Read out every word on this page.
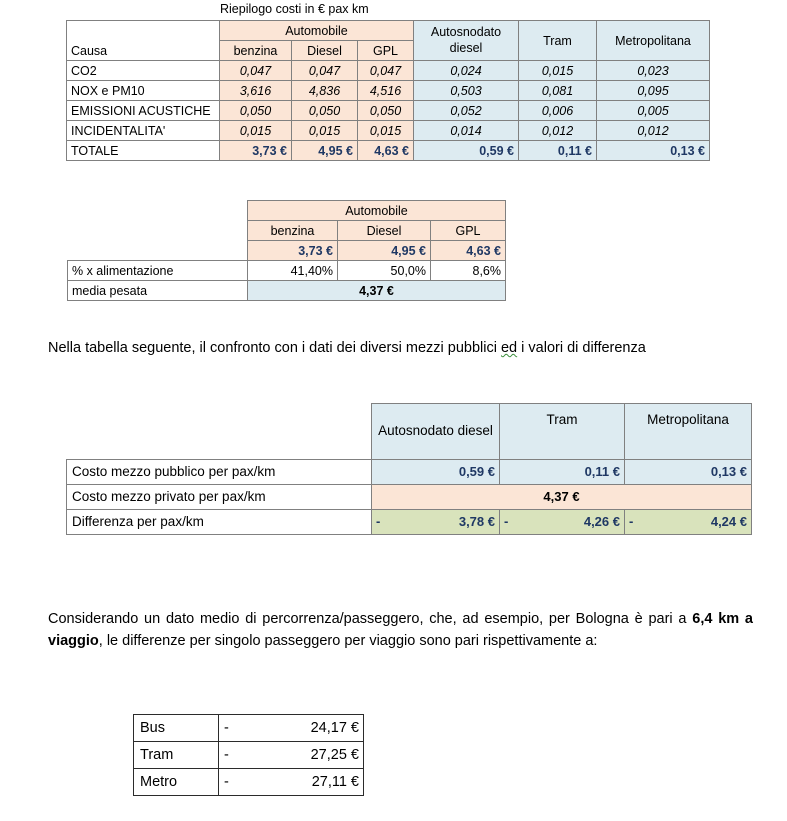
Riepilogo costi in € pax km
Causa	Automobile			Autosnodato diesel	Tram	Metropolitana
	benzina	Diesel	GPL			
CO2	0,047	0,047	0,047	0,024	0,015	0,023
NOX e PM10	3,616	4,836	4,516	0,503	0,081	0,095
EMISSIONI ACUSTICHE	0,050	0,050	0,050	0,052	0,006	0,005
INCIDENTALITA'	0,015	0,015	0,015	0,014	0,012	0,012
TOTALE	3,73 €	4,95 €	4,63 €	0,59 €	0,11 €	0,13 €
	Automobile		
	benzina	Diesel	GPL
	3,73 €	4,95 €	4,63 €
% x alimentazione	41,40%	50,0%	8,6%
media pesata	4,37 €		
Nella tabella seguente, il confronto con i dati dei diversi mezzi pubblici ed i valori di differenza
	Autosnodato diesel	Tram	Metropolitana
Costo mezzo pubblico per pax/km	0,59 €	0,11 €	0,13 €
Costo mezzo privato per pax/km	4,37 €		
Differenza per pax/km	- 3,78 €	- 4,26 €	- 4,24 €
Considerando un dato medio di percorrenza/passeggero, che, ad esempio, per Bologna è pari a 6,4 km a viaggio, le differenze per singolo passeggero per viaggio sono pari rispettivamente a:
Bus	- 24,17 €

Tram	- 27,25 €

Metro	- 27,11 €
